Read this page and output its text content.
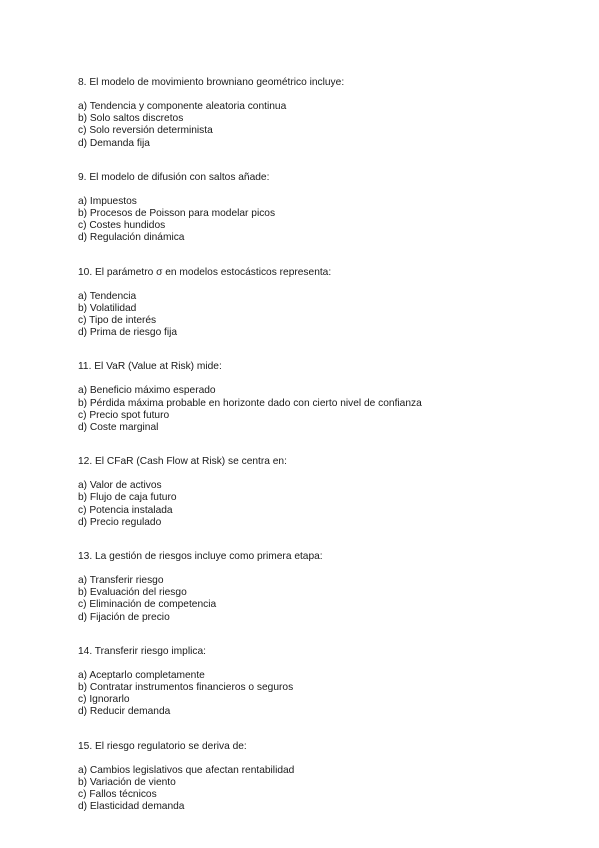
8. El modelo de movimiento browniano geométrico incluye:
a) Tendencia y componente aleatoria continua
b) Solo saltos discretos
c) Solo reversión determinista
d) Demanda fija
9. El modelo de difusión con saltos añade:
a) Impuestos
b) Procesos de Poisson para modelar picos
c) Costes hundidos
d) Regulación dinámica
10. El parámetro σ en modelos estocásticos representa:
a) Tendencia
b) Volatilidad
c) Tipo de interés
d) Prima de riesgo fija
11. El VaR (Value at Risk) mide:
a) Beneficio máximo esperado
b) Pérdida máxima probable en horizonte dado con cierto nivel de confianza
c) Precio spot futuro
d) Coste marginal
12. El CFaR (Cash Flow at Risk) se centra en:
a) Valor de activos
b) Flujo de caja futuro
c) Potencia instalada
d) Precio regulado
13. La gestión de riesgos incluye como primera etapa:
a) Transferir riesgo
b) Evaluación del riesgo
c) Eliminación de competencia
d) Fijación de precio
14. Transferir riesgo implica:
a) Aceptarlo completamente
b) Contratar instrumentos financieros o seguros
c) Ignorarlo
d) Reducir demanda
15. El riesgo regulatorio se deriva de:
a) Cambios legislativos que afectan rentabilidad
b) Variación de viento
c) Fallos técnicos
d) Elasticidad demanda
